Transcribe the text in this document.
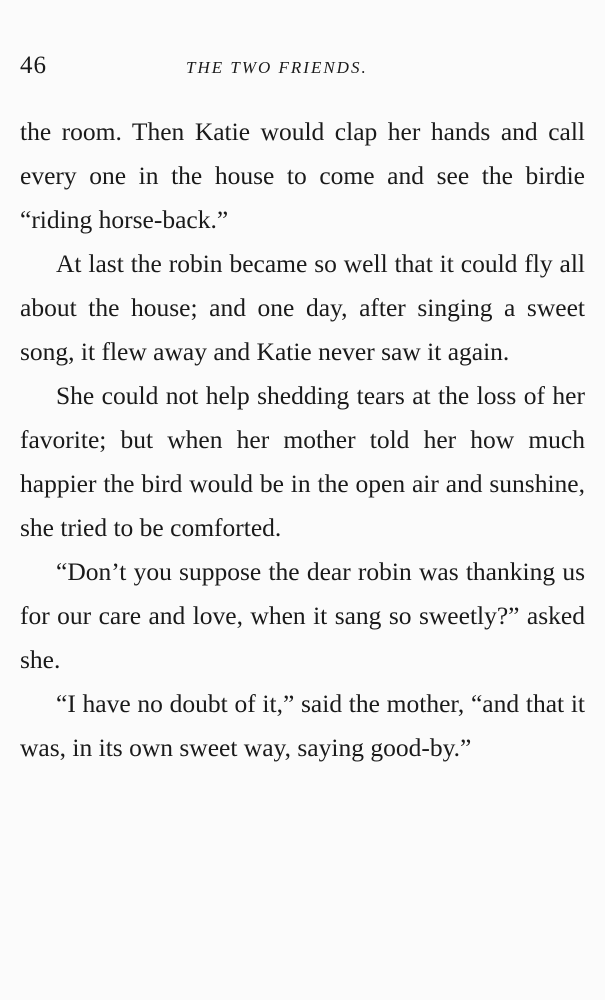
46	THE TWO FRIENDS.

the room. Then Katie would clap her hands and call every one in the house to come and see the birdie “riding horse-back.”

At last the robin became so well that it could fly all about the house; and one day, after singing a sweet song, it flew away and Katie never saw it again.

She could not help shedding tears at the loss of her favorite; but when her mother told her how much happier the bird would be in the open air and sunshine, she tried to be comforted.

“Don’t you suppose the dear robin was thanking us for our care and love, when it sang so sweetly?” asked she.

“I have no doubt of it,” said the mother, “and that it was, in its own sweet way, saying good-by.”
